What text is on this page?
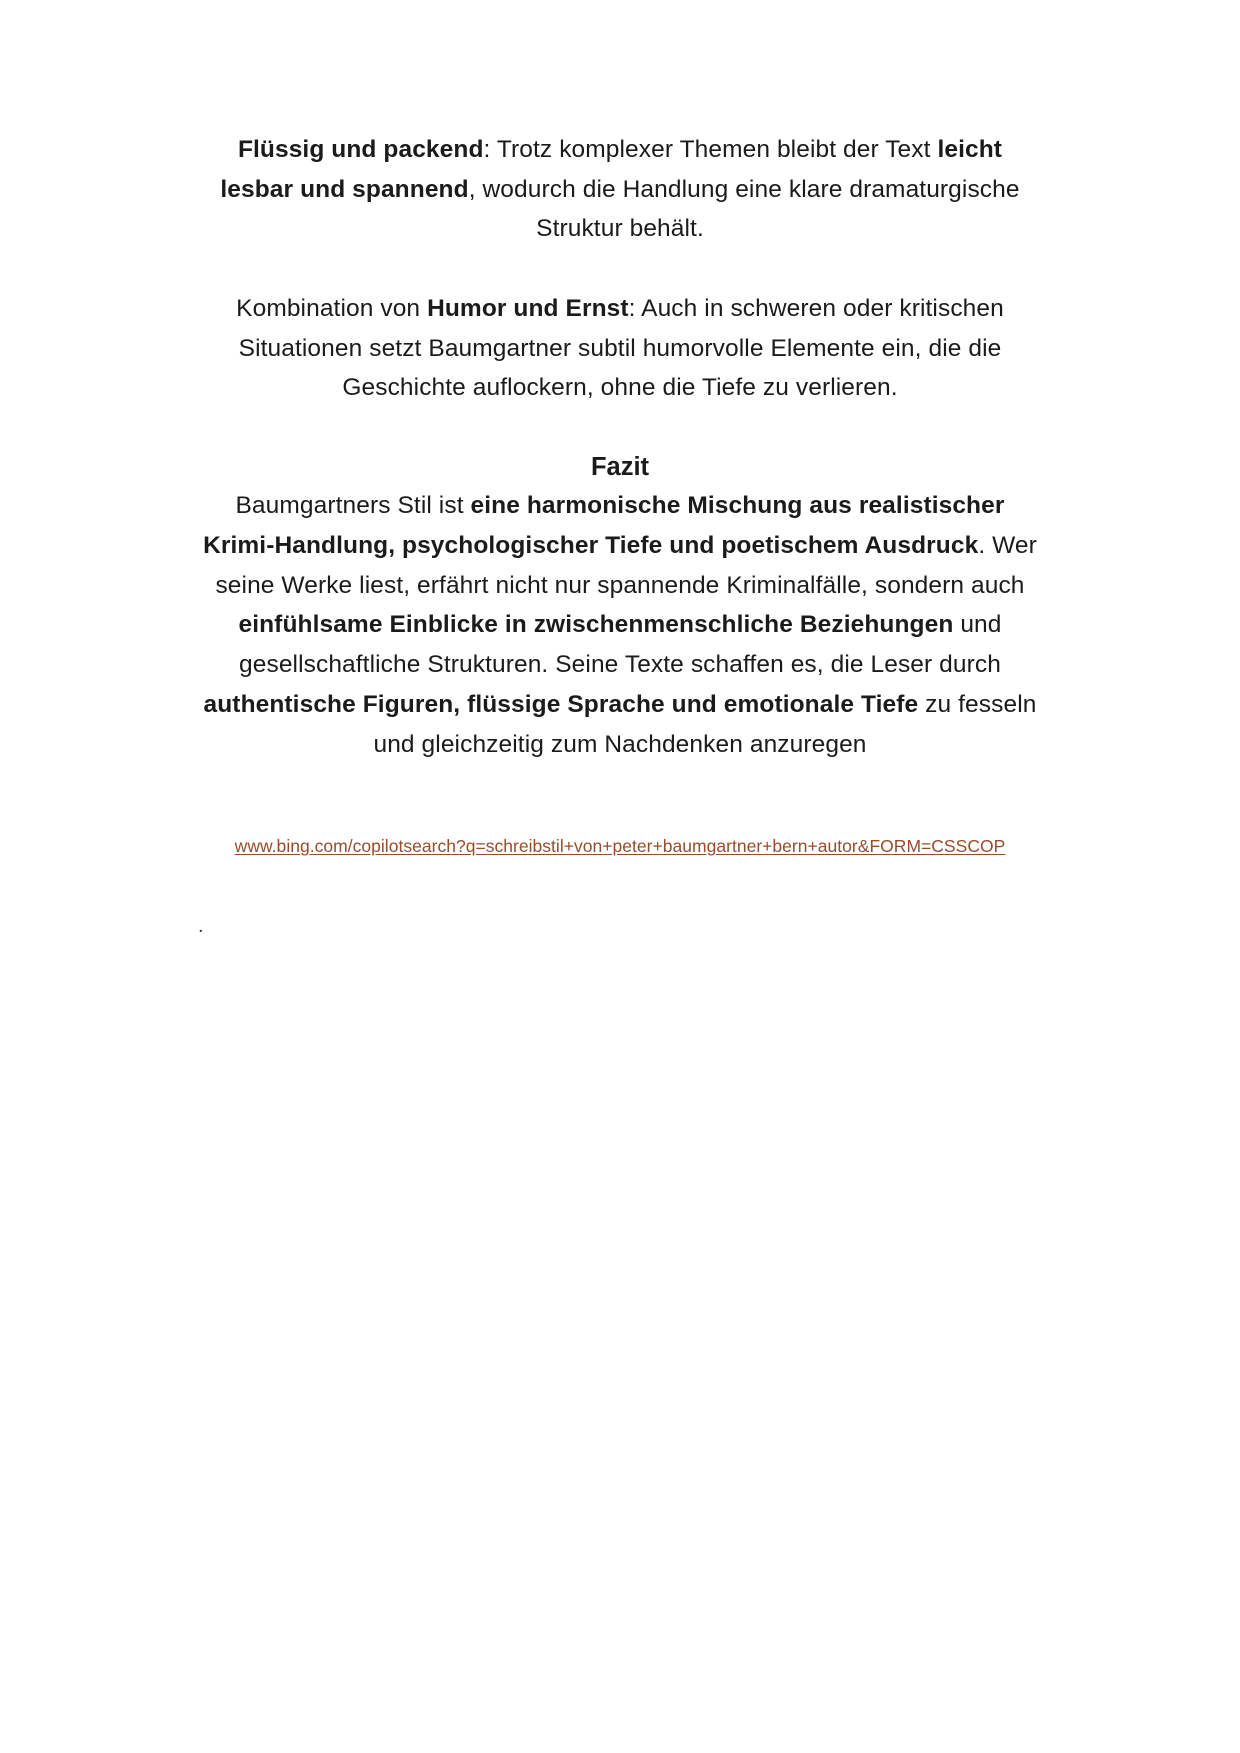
Flüssig und packend: Trotz komplexer Themen bleibt der Text leicht lesbar und spannend, wodurch die Handlung eine klare dramaturgische Struktur behält.

Kombination von Humor und Ernst: Auch in schweren oder kritischen Situationen setzt Baumgartner subtil humorvolle Elemente ein, die die Geschichte auflockern, ohne die Tiefe zu verlieren.

Fazit

Baumgartners Stil ist eine harmonische Mischung aus realistischer Krimi-Handlung, psychologischer Tiefe und poetischem Ausdruck. Wer seine Werke liest, erfährt nicht nur spannende Kriminalfälle, sondern auch einfühlsame Einblicke in zwischenmenschliche Beziehungen und gesellschaftliche Strukturen. Seine Texte schaffen es, die Leser durch authentische Figuren, flüssige Sprache und emotionale Tiefe zu fesseln und gleichzeitig zum Nachdenken anzuregen

www.bing.com/copilotsearch?q=schreibstil+von+peter+baumgartner+bern+autor&FORM=CSSCOP
.
